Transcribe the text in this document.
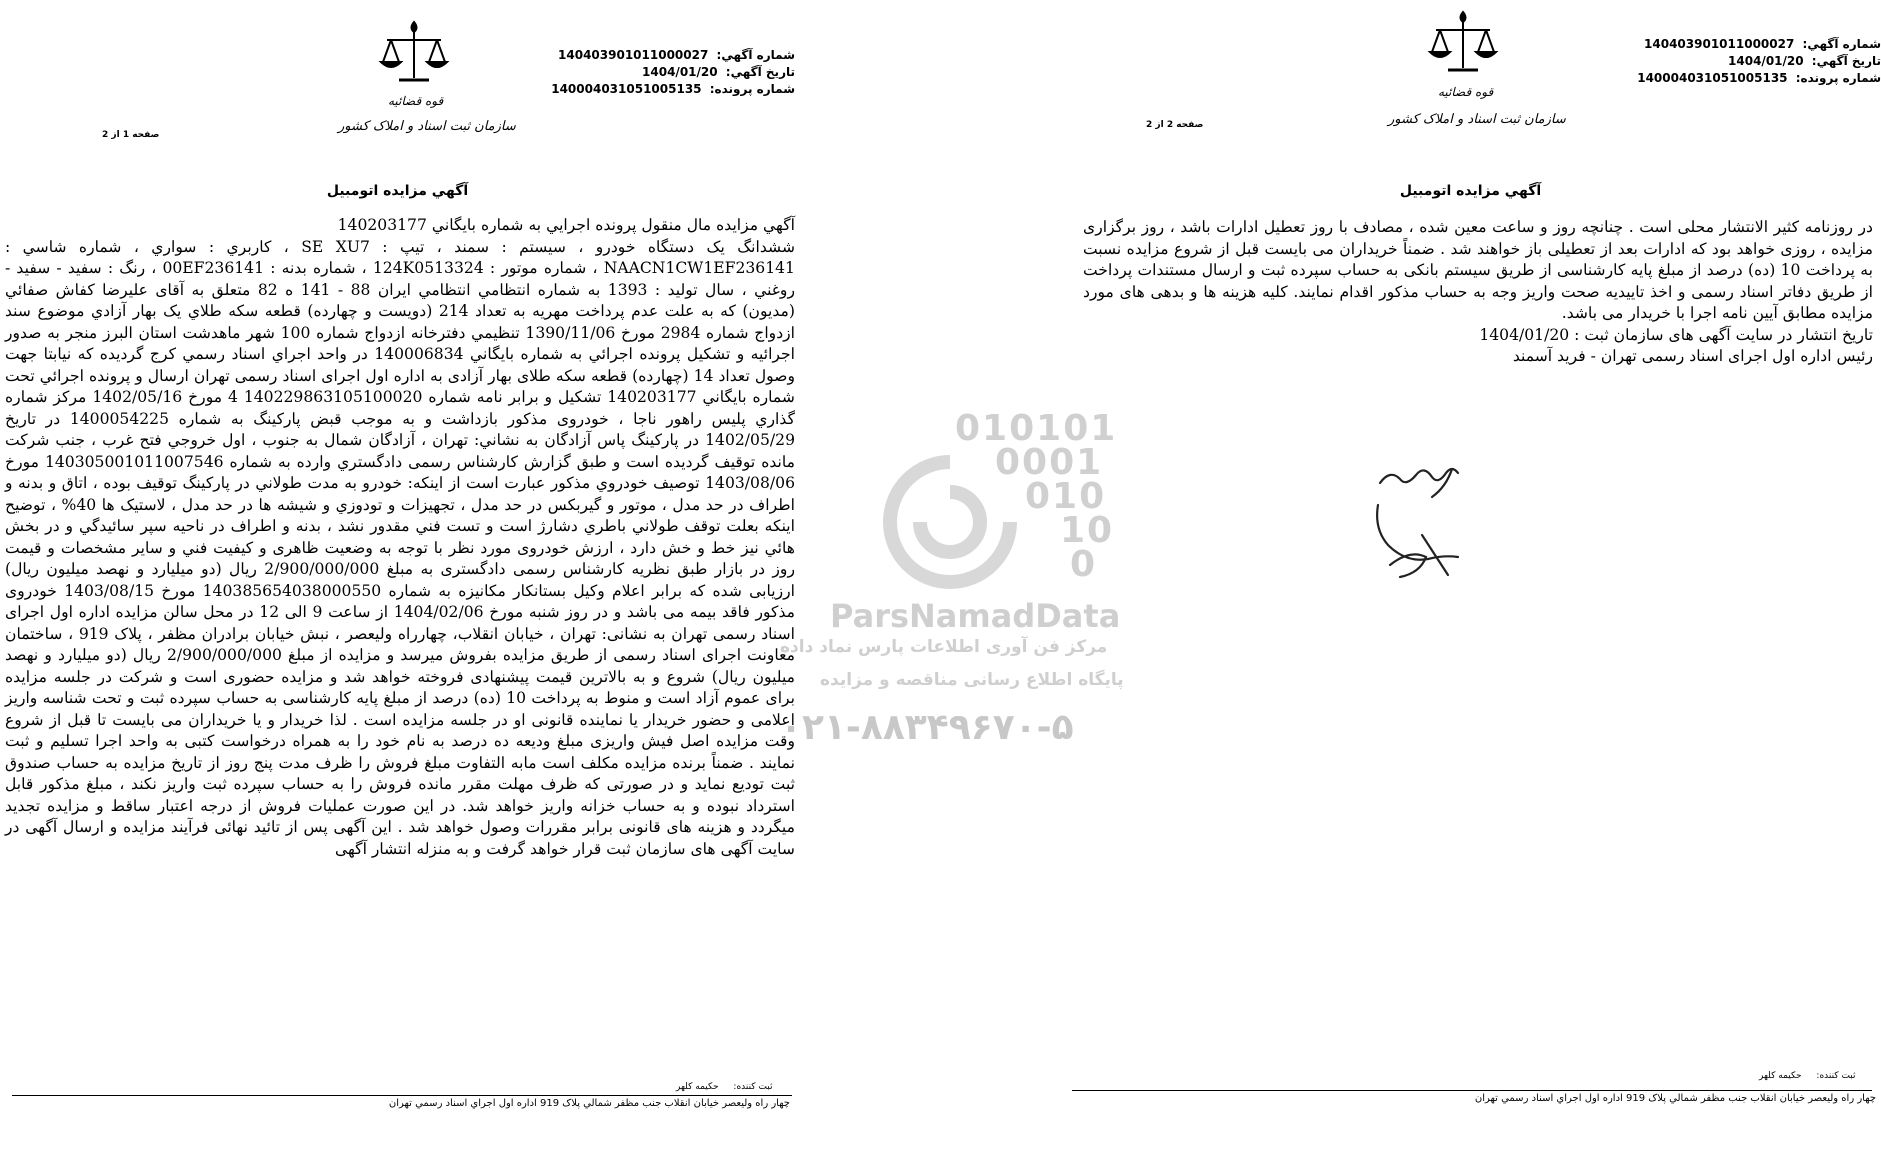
شماره آگهي: 140403901011000027
تاريخ آگهي: 1404/01/20
شماره پرونده: 140004031051005135
قوه قضائیه
سازمان ثبت اسناد و املاک کشور
صفحه 1 از 2
آگهي مزايده اتومبيل

آگهي مزايده مال منقول پرونده اجرايي به شماره بايگاني 140203177

ششدانگ يک دستگاه خودرو ، سيستم : سمند ، تيپ : SE XU7 ، کاربري : سواري ، شماره شاسي : NAACN1CW1EF236141 ، شماره موتور : 124K0513324 ، شماره بدنه : 00EF236141 ، رنگ : سفيد - سفيد - روغني ، سال توليد : 1393 به شماره انتظامي انتظامي ايران 88 - 141 ه 82 متعلق به آقای عليرضا کفاش صفائي (مديون) که به علت عدم پرداخت مهريه به تعداد 214 (دويست و چهارده) قطعه سکه طلاي يک بهار آزادي موضوع سند ازدواج شماره 2984 مورخ 1390/11/06 تنظيمي دفترخانه ازدواج شماره 100 شهر ماهدشت استان البرز منجر به صدور اجرائيه و تشکيل پرونده اجرائي به شماره بايگاني 140006834 در واحد اجراي اسناد رسمي کرج گرديده که نيابتا جهت وصول تعداد 14 (چهارده) قطعه سکه طلای بهار آزادی به اداره اول اجرای اسناد رسمی تهران ارسال و پرونده اجرائي تحت شماره بايگاني 140203177 تشکيل و برابر نامه شماره 140229863105100020 4 مورخ 1402/05/16 مرکز شماره گذاري پليس راهور ناجا ، خودروی مذکور بازداشت و به موجب قبض پارکينگ به شماره 1400054225 در تاريخ 1402/05/29 در پارکينگ پاس آزادگان به نشاني: تهران ، آزادگان شمال به جنوب ، اول خروجي فتح غرب ، جنب شرکت مانده توقيف گرديده است و طبق گزارش کارشناس رسمی دادگستري وارده به شماره 140305001011007546 مورخ 1403/08/06 توصيف خودروي مذکور عبارت است از اينکه: خودرو به مدت طولاني در پارکينگ توقيف بوده ، اتاق و بدنه و اطراف در حد مدل ، موتور و گيربکس در حد مدل ، تجهيزات و تودوزي و شيشه ها در حد مدل ، لاستيک ها 40% ، توضيح اينکه بعلت توقف طولاني باطري دشارژ است و تست فني مقدور نشد ، بدنه و اطراف در ناحيه سپر سائيدگي و در بخش هائي نيز خط و خش دارد ، ارزش خودروی مورد نظر با توجه به وضعيت ظاهری و کيفيت فني و ساير مشخصات و قيمت روز در بازار طبق نظريه کارشناس رسمی دادگستری به مبلغ 2/900/000/000 ريال (دو ميليارد و نهصد ميليون ريال) ارزيابی شده که برابر اعلام وکيل بستانکار مکانيزه به شماره 140385654038000550 مورخ 1403/08/15 خودروی مذکور فاقد بيمه می باشد و در روز شنبه مورخ 1404/02/06 از ساعت 9 الی 12 در محل سالن مزايده اداره اول اجرای اسناد رسمی تهران به نشانی: تهران ، خيابان انقلاب، چهارراه وليعصر ، نبش خيابان برادران مظفر ، پلاک 919 ، ساختمان معاونت اجرای اسناد رسمی از طريق مزايده بفروش ميرسد و مزايده از مبلغ 2/900/000/000 ريال (دو ميليارد و نهصد ميليون ريال) شروع و به بالاترين قيمت پيشنهادی فروخته خواهد شد و مزايده حضوری است و شرکت در جلسه مزايده برای عموم آزاد است و منوط به پرداخت 10 (ده) درصد از مبلغ پايه کارشناسی به حساب سپرده ثبت و تحت شناسه واريز اعلامی و حضور خريدار يا نماينده قانونی او در جلسه مزايده است . لذا خريدار و يا خريداران می بايست تا قبل از شروع وقت مزايده اصل فيش واريزی مبلغ وديعه ده درصد به نام خود را به همراه درخواست کتبی به واحد اجرا تسليم و ثبت نمايند . ضمناً برنده مزايده مکلف است مابه التفاوت مبلغ فروش را ظرف مدت پنج روز از تاريخ مزايده به حساب صندوق ثبت توديع نمايد و در صورتی که ظرف مهلت مقرر مانده فروش را به حساب سپرده ثبت واريز نکند ، مبلغ مذکور قابل استرداد نبوده و به حساب خزانه واريز خواهد شد. در اين صورت عمليات فروش از درجه اعتبار ساقط و مزايده تجديد ميگردد و هزينه های قانونی برابر مقررات وصول خواهد شد . اين آگهی پس از تائيد نهائی فرآيند مزايده و ارسال آگهی در سايت آگهی های سازمان ثبت قرار خواهد گرفت و به منزله انتشار آگهی

ثبت کننده: حکيمه کلهر
چهار راه وليعصر خيابان انقلاب جنب مظفر شمالي پلاک 919 اداره اول اجراي اسناد رسمي تهران
شماره آگهي: 140403901011000027
تاريخ آگهي: 1404/01/20
شماره پرونده: 140004031051005135
قوه قضائیه
سازمان ثبت اسناد و املاک کشور
صفحه 2 از 2
آگهي مزايده اتومبيل

در روزنامه کثير الانتشار محلی است . چنانچه روز و ساعت معين شده ، مصادف با روز تعطيل ادارات باشد ، روز برگزاری مزايده ، روزی خواهد بود که ادارات بعد از تعطيلی باز خواهند شد . ضمناً خريداران می بايست قبل از شروع مزايده نسبت به پرداخت 10 (ده) درصد از مبلغ پايه کارشناسی از طريق سيستم بانکی به حساب سپرده ثبت و ارسال مستندات پرداخت از طريق دفاتر اسناد رسمی و اخذ تاييديه صحت واريز وجه به حساب مذکور اقدام نمايند. کليه هزينه ها و بدهی های مورد مزايده مطابق آيين نامه اجرا با خريدار می باشد.

تاريخ انتشار در سايت آگهی های سازمان ثبت : 1404/01/20

رئيس اداره اول اجرای اسناد رسمی تهران - فريد آسمند

ثبت کننده: حکيمه کلهر
چهار راه وليعصر خيابان انقلاب جنب مظفر شمالي پلاک 919 اداره اول اجراي اسناد رسمي تهران
010101
0001
010
10
0
ParsNamadData
مرکز فن آوری اطلاعات پارس نماد داده
پایگاه اطلاع رسانی مناقصه و مزایده
۰۲۱-۸۸۳۴۹۶۷۰-۵
